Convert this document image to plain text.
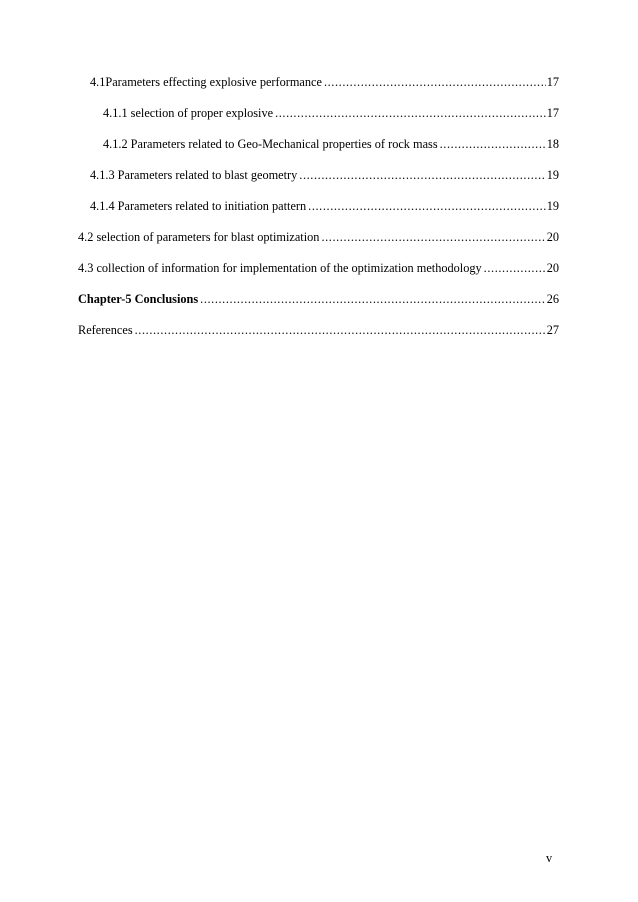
4.1 Parameters effecting explosive performance .....	17
4.1.1 selection of proper explosive .....	17
4.1.2 Parameters related to Geo-Mechanical properties of rock mass .....	18
4.1.3 Parameters related to blast geometry .....	19
4.1.4 Parameters related to initiation pattern .....	19
4.2 selection of parameters for blast optimization .....	20
4.3 collection of information for implementation of the optimization methodology .....	20
Chapter-5 Conclusions .....	26
References .....	27
v
